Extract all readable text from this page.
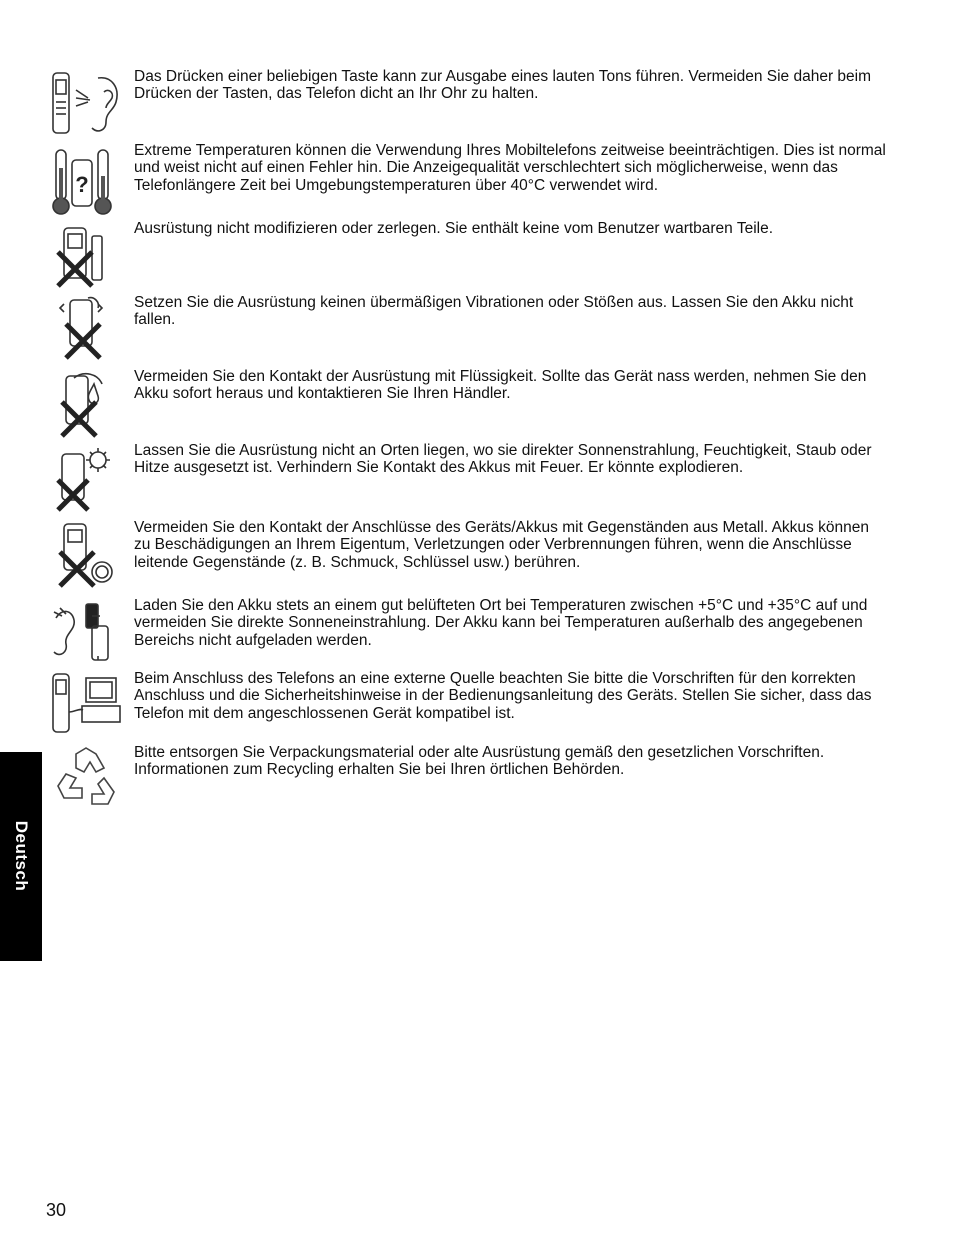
Das Drücken einer beliebigen Taste kann zur Ausgabe eines lauten Tons führen. Vermeiden Sie daher beim Drücken der Tasten, das Telefon dicht an Ihr Ohr zu halten.

?

Extreme Temperaturen können die Verwendung Ihres Mobiltelefons zeitweise beeinträchtigen. Dies ist normal und weist nicht auf einen Fehler hin. Die Anzeigequalität verschlechtert sich möglicherweise, wenn das Telefonlängere Zeit bei Umgebungstemperaturen über 40°C verwendet wird.

Ausrüstung nicht modifizieren oder zerlegen. Sie enthält keine vom Benutzer wartbaren Teile.

Setzen Sie die Ausrüstung keinen übermäßigen Vibrationen oder Stößen aus. Lassen Sie den Akku nicht fallen.

Vermeiden Sie den Kontakt der Ausrüstung mit Flüssigkeit. Sollte das Gerät nass werden, nehmen Sie den Akku sofort heraus und kontaktieren Sie Ihren Händler.

Lassen Sie die Ausrüstung nicht an Orten liegen, wo sie direkter Sonnenstrahlung, Feuchtigkeit, Staub oder Hitze ausgesetzt ist. Verhindern Sie Kontakt des Akkus mit Feuer. Er könnte explodieren.

Vermeiden Sie den Kontakt der Anschlüsse des Geräts/Akkus mit Gegenständen aus Metall. Akkus können zu Beschädigungen an Ihrem Eigentum, Verletzungen oder Verbrennungen führen, wenn die Anschlüsse leitende Gegenstände (z. B. Schmuck, Schlüssel usw.) berühren.

Laden Sie den Akku stets an einem gut belüfteten Ort bei Temperaturen zwischen +5°C und +35°C auf und vermeiden Sie direkte Sonneneinstrahlung. Der Akku kann bei Temperaturen außerhalb des angegebenen Bereichs nicht aufgeladen werden.

Beim Anschluss des Telefons an eine externe Quelle beachten Sie bitte die Vorschriften für den korrekten Anschluss und die Sicherheitshinweise in der Bedienungsanleitung des Geräts. Stellen Sie sicher, dass das Telefon mit dem angeschlossenen Gerät kompatibel ist.

Bitte entsorgen Sie Verpackungsmaterial oder alte Ausrüstung gemäß den gesetzlichen Vorschriften. Informationen zum Recycling erhalten Sie bei Ihren örtlichen Behörden.

Deutsch
30
